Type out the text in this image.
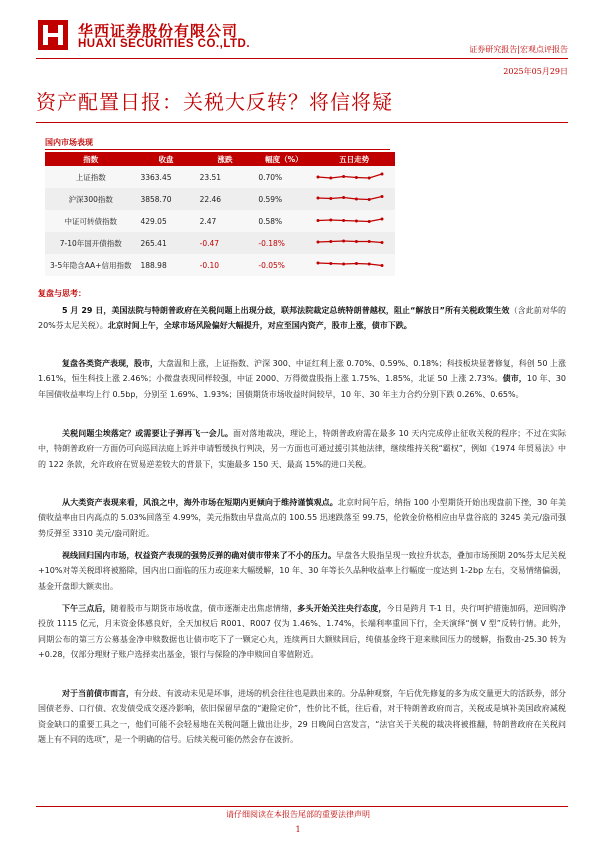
华西证券股份有限公司
HUAXI SECURITIES CO.,LTD.	证券研究报告|宏观点评报告
2025年05月29日
资产配置日报：关税大反转？将信将疑
国内市场表现
指数	收盘	涨跌	幅度（%）	五日走势
上证指数	3363.45	23.51	0.70%	
沪深300指数	3858.70	22.46	0.59%	
中证可转债指数	429.05	2.47	0.58%	
7-10年国开债指数	265.41	-0.47	-0.18%	
3-5年隐含AA+信用指数	188.98	-0.10	-0.05%	
复盘与思考：

5 月 29 日，美国法院与特朗普政府在关税问题上出现分歧，联邦法院裁定总统特朗普越权，阻止“解放日”所有关税政策生效（含此前对华的 20%芬太尼关税）。北京时间上午，全球市场风险偏好大幅提升，对应至国内资产，股市上涨，债市下跌。

复盘各类资产表现，股市，大盘温和上涨，上证指数、沪深 300、中证红利上涨 0.70%、0.59%、0.18%；科技板块显著修复，科创 50 上涨 1.61%，恒生科技上涨 2.46%；小微盘表现同样较强，中证 2000、万得微盘股指上涨 1.75%、1.85%，北证 50 上涨 2.73%。债市，10 年、30 年国债收益率均上行 0.5bp，分别至 1.69%、1.93%；国债期货市场收益时间较早，10 年、30 年主力合约分别下跌 0.26%、0.65%。

关税问题尘埃落定？或需要让子弹再飞一会儿。面对落地裁决，理论上，特朗普政府需在最多 10 天内完成停止征收关税的程序；不过在实际中，特朗普政府一方面仍可向巡回法庭上诉并申请暂缓执行判决，另一方面也可通过援引其他法律，继续维持关税“霸权”，例如《1974 年贸易法》中的 122 条款，允许政府在贸易逆差较大的背景下，实施最多 150 天、最高 15%的进口关税。

从大类资产表现来看，风浪之中，海外市场在短期内更倾向于维持谨慎观点。北京时间午后，纳指 100 小型期货开始出现盘前下挫，30 年美债收益率由日内高点的 5.03%回落至 4.99%，美元指数由早盘高点的 100.55 迅速跌落至 99.75，伦敦金价格相应由早盘谷底的 3245 美元/盎司强势反弹至 3310 美元/盎司附近。

视线回归国内市场，权益资产表现的强势反弹的确对债市带来了不小的压力。早盘各大股指呈现一致拉升状态，叠加市场预期 20%芬太尼关税+10%对等关税即将被豁除，国内出口面临的压力或迎来大幅缓解，10 年、30 年等长久品种收益率上行幅度一度达到 1-2bp 左右，交易情绪偏弱，基金开盘即大额卖出。

下午三点后，随着股市与期货市场收盘，债市逐渐走出焦虑情绪，多头开始关注央行态度，今日是跨月 T-1 日，央行呵护措施加码，逆回购净投放 1115 亿元，月末资金体感良好，全天加权后 R001、R007 仅为 1.46%、1.74%，长端利率重回下行，全天演绎“倒 V 型”反转行情。此外，同期公布的第三方公募基金净申赎数据也让债市吃下了一颗定心丸，连续两日大额赎回后，纯债基金终于迎来赎回压力的缓解，指数由-25.30 转为+0.28，仅部分理财子账户选择卖出基金，银行与保险的净申赎回自零值附近。

对于当前债市而言，有分歧、有波动未见是坏事，进场的机会往往也是跌出来的。分品种观察，午后优先修复的多为成交量更大的活跃券，部分国债老券、口行债、农发债受成交逐冷影响，依旧保留早盘的“避险定价”，性价比不低，往后看，对于特朗普政府而言，关税或是填补美国政府减税资金缺口的重要工具之一，他们可能不会轻易地在关税问题上做出让步，29 日晚间白宫发言，“法官关于关税的裁决将被推翻，特朗普政府在关税问题上有不同的选项”，是一个明确的信号。后续关税可能仍然会存在波折。

请仔细阅读在本报告尾部的重要法律声明
1
